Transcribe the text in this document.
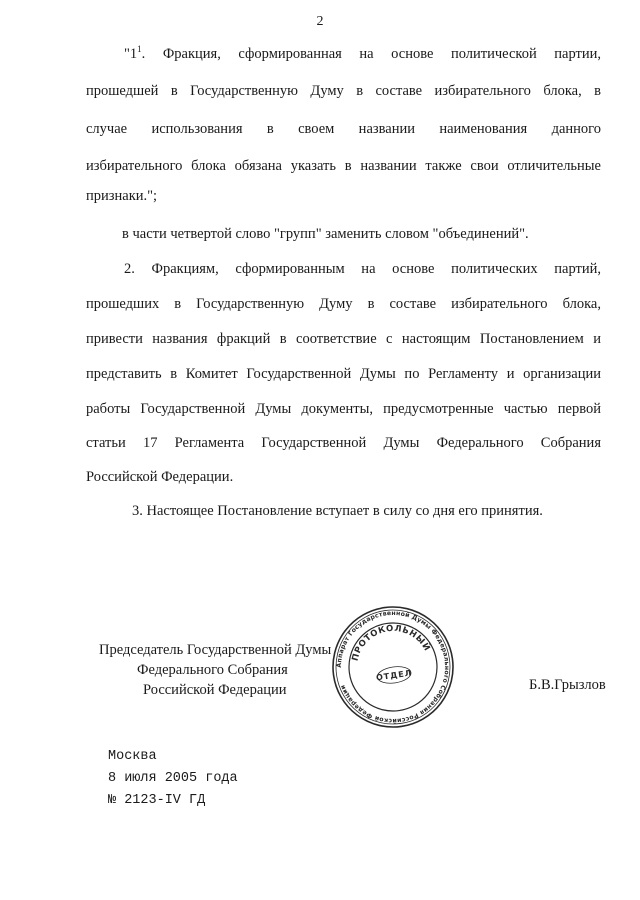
2
"$1^1$. Фракция, сформированная на основе политической партии,
прошедшей в Государственную Думу в составе избирательного блока, в
случае использования в своем названии наименования данного
избирательного блока обязана указать в названии также свои отличительные
признаки.";
в части четвертой слово "групп" заменить словом "объединений".
2. Фракциям, сформированным на основе политических партий,
прошедших в Государственную Думу в составе избирательного блока,
привести названия фракций в соответствие с настоящим Постановлением и
представить в Комитет Государственной Думы по Регламенту и организации
работы Государственной Думы документы, предусмотренные частью первой
статьи 17 Регламента Государственной Думы Федерального Собрания
Российской Федерации.
3. Настоящее Постановление вступает в силу со дня его принятия.
Председатель Государственной Думы
Федерального Собрания
Российской Федерации
Аппарат Государственной Думы Федерального Собрания Российской Федерации
ПРОТОКОЛЬНЫЙ
ОТДЕЛ
Б.В.Грызлов
Москва
8 июля 2005 года
№ 2123-IV ГД
